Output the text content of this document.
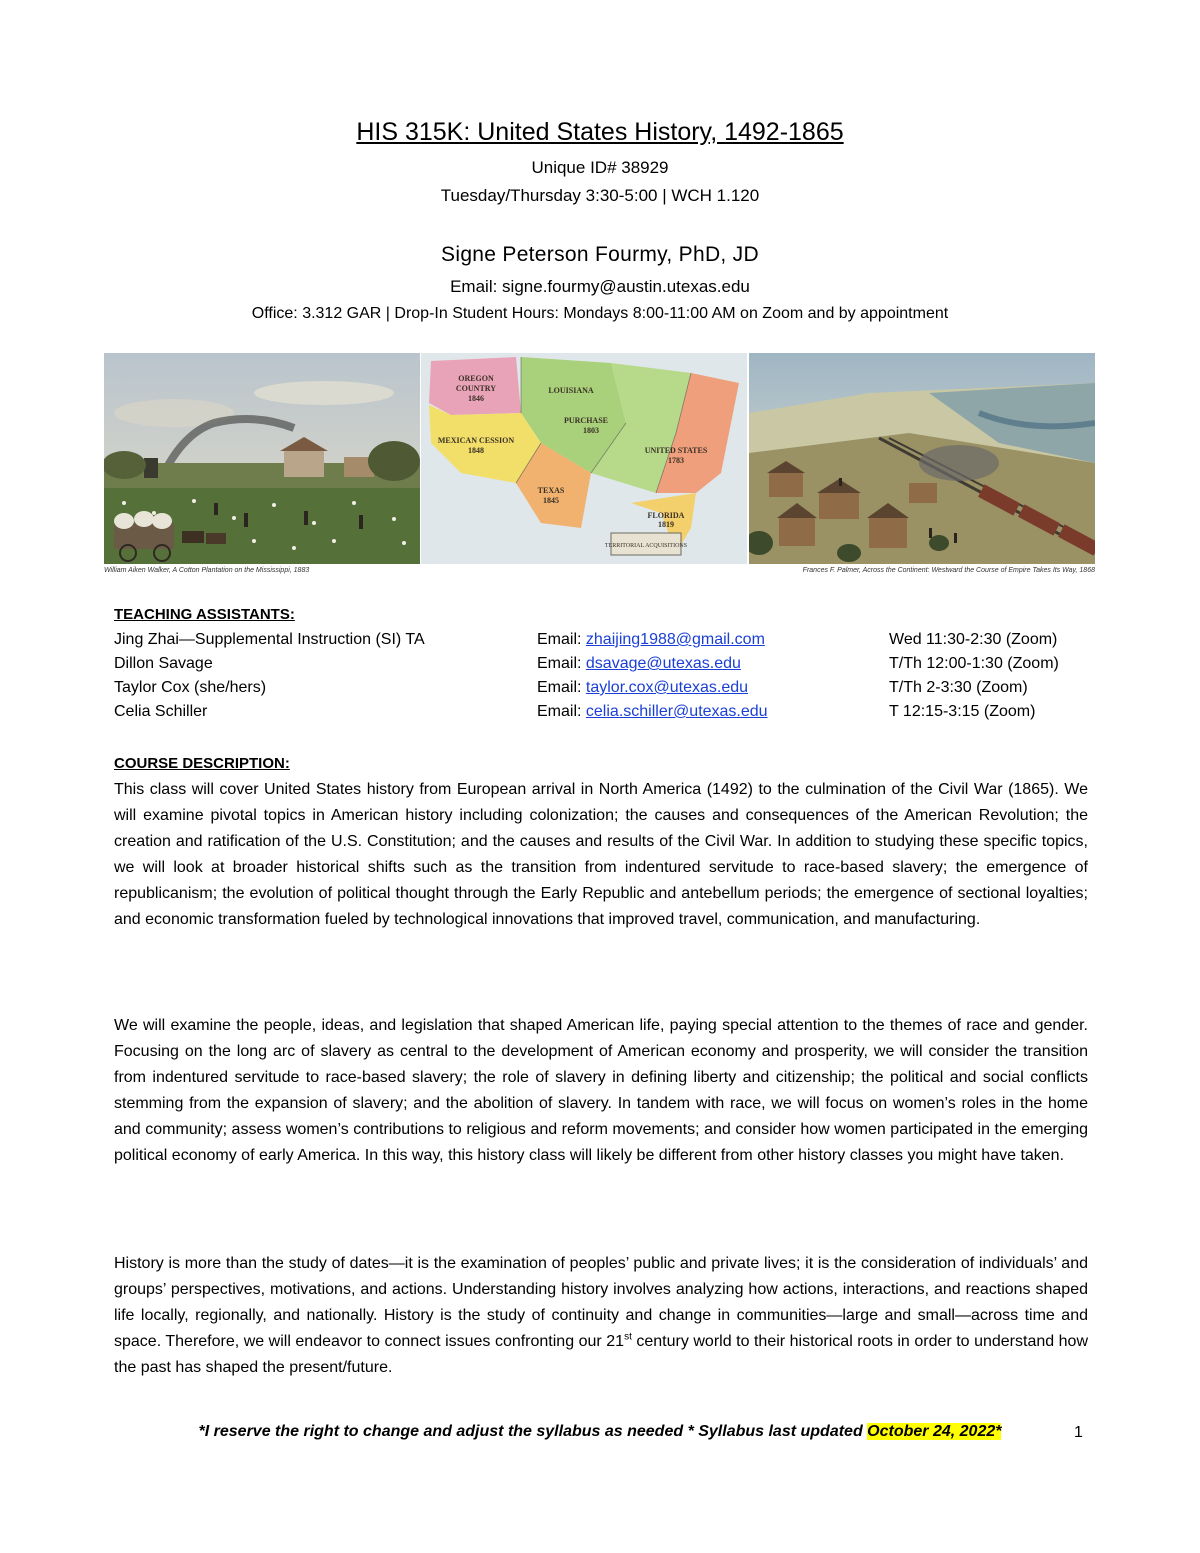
HIS 315K: United States History, 1492-1865
Unique ID# 38929
Tuesday/Thursday 3:30-5:00 | WCH 1.120
Signe Peterson Fourmy, PhD, JD
Email: signe.fourmy@austin.utexas.edu
Office: 3.312 GAR | Drop-In Student Hours: Mondays 8:00-11:00 AM on Zoom and by appointment
OREGON
COUNTRY
1846
LOUISIANA
PURCHASE
1803
MEXICAN CESSION
1848
TEXAS
1845
UNITED STATES
1783
FLORIDA
1819
TERRITORIAL ACQUISITIONS
William Aiken Walker, A Cotton Plantation on the Mississippi, 1883	Frances F. Palmer, Across the Continent: Westward the Course of Empire Takes Its Way, 1868
TEACHING ASSISTANTS:
Jing Zhai—Supplemental Instruction (SI) TA	Email: zhaijing1988@gmail.com	Wed 11:30-2:30 (Zoom)
Dillon Savage	Email: dsavage@utexas.edu	T/Th 12:00-1:30 (Zoom)
Taylor Cox (she/hers)	Email: taylor.cox@utexas.edu	T/Th 2-3:30 (Zoom)
Celia Schiller	Email: celia.schiller@utexas.edu	T 12:15-3:15 (Zoom)
COURSE DESCRIPTION:
This class will cover United States history from European arrival in North America (1492) to the culmination of the Civil War (1865). We will examine pivotal topics in American history including colonization; the causes and consequences of the American Revolution; the creation and ratification of the U.S. Constitution; and the causes and results of the Civil War. In addition to studying these specific topics, we will look at broader historical shifts such as the transition from indentured servitude to race-based slavery; the emergence of republicanism; the evolution of political thought through the Early Republic and antebellum periods; the emergence of sectional loyalties; and economic transformation fueled by technological innovations that improved travel, communication, and manufacturing.
We will examine the people, ideas, and legislation that shaped American life, paying special attention to the themes of race and gender. Focusing on the long arc of slavery as central to the development of American economy and prosperity, we will consider the transition from indentured servitude to race-based slavery; the role of slavery in defining liberty and citizenship; the political and social conflicts stemming from the expansion of slavery; and the abolition of slavery. In tandem with race, we will focus on women’s roles in the home and community; assess women’s contributions to religious and reform movements; and consider how women participated in the emerging political economy of early America. In this way, this history class will likely be different from other history classes you might have taken.
History is more than the study of dates—it is the examination of peoples’ public and private lives; it is the consideration of individuals’ and groups’ perspectives, motivations, and actions. Understanding history involves analyzing how actions, interactions, and reactions shaped life locally, regionally, and nationally. History is the study of continuity and change in communities—large and small—across time and space. Therefore, we will endeavor to connect issues confronting our 21st century world to their historical roots in order to understand how the past has shaped the present/future.
*I reserve the right to change and adjust the syllabus as needed * Syllabus last updated October 24, 2022*	1
